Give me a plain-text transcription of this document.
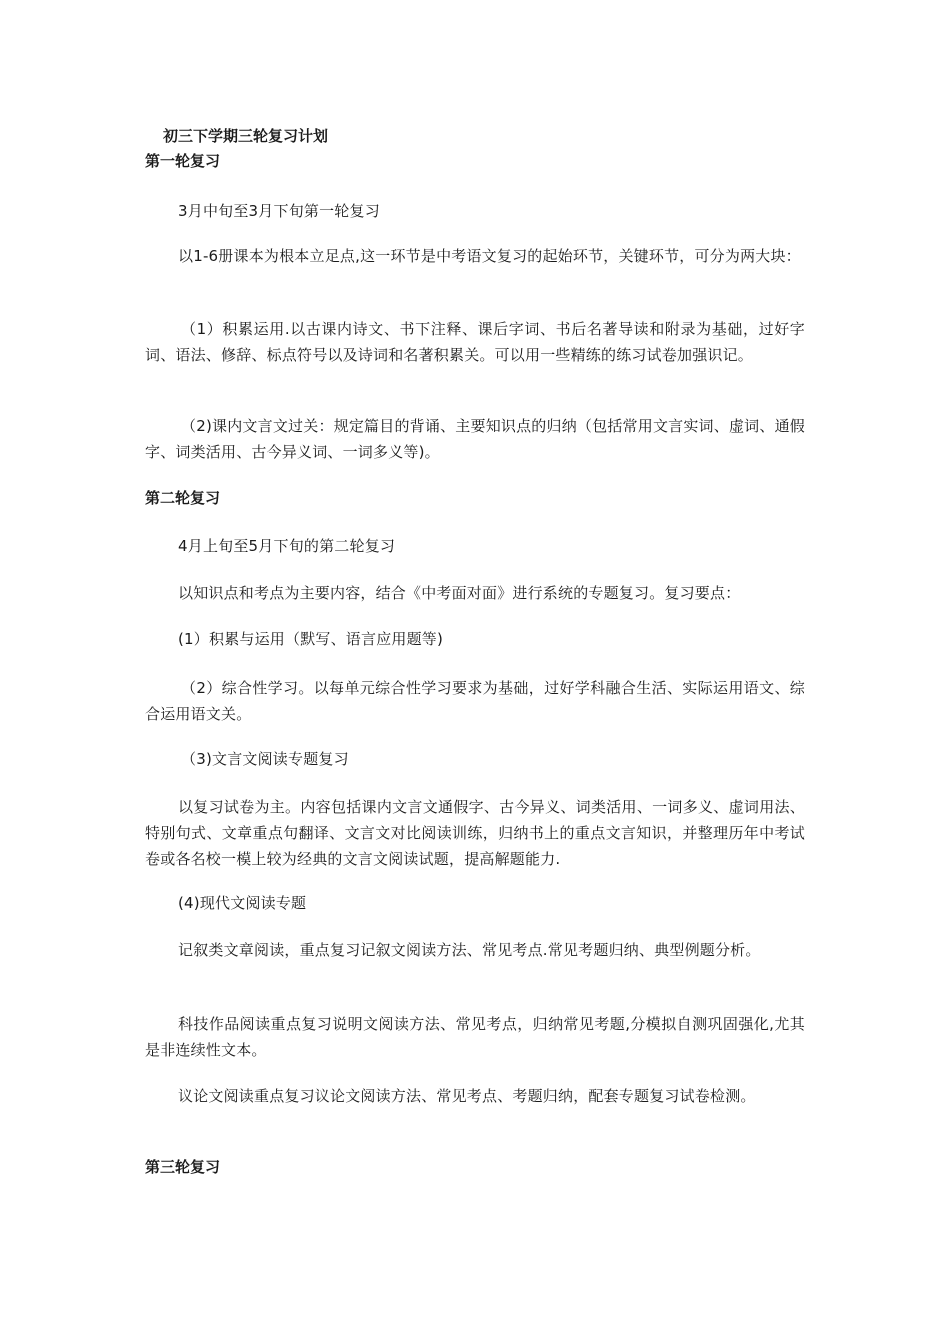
初三下学期三轮复习计划

第一轮复习

3月中旬至3月下旬第一轮复习

以1-6册课本为根本立足点,这一环节是中考语文复习的起始环节，关键环节，可分为两大块：

（1）积累运用.以古课内诗文、书下注释、课后字词、书后名著导读和附录为基础，过好字词、语法、修辞、标点符号以及诗词和名著积累关。可以用一些精练的练习试卷加强识记。

（2)课内文言文过关：规定篇目的背诵、主要知识点的归纳（包括常用文言实词、虚词、通假字、词类活用、古今异义词、一词多义等)。

第二轮复习

4月上旬至5月下旬的第二轮复习

以知识点和考点为主要内容，结合《中考面对面》进行系统的专题复习。复习要点：

(1）积累与运用（默写、语言应用题等)

（2）综合性学习。以每单元综合性学习要求为基础，过好学科融合生活、实际运用语文、综合运用语文关。

（3)文言文阅读专题复习

以复习试卷为主。内容包括课内文言文通假字、古今异义、词类活用、一词多义、虚词用法、特别句式、文章重点句翻译、文言文对比阅读训练，归纳书上的重点文言知识，并整理历年中考试卷或各名校一模上较为经典的文言文阅读试题，提高解题能力.

(4)现代文阅读专题

记叙类文章阅读，重点复习记叙文阅读方法、常见考点.常见考题归纳、典型例题分析。

科技作品阅读重点复习说明文阅读方法、常见考点，归纳常见考题,分模拟自测巩固强化,尤其是非连续性文本。

议论文阅读重点复习议论文阅读方法、常见考点、考题归纳，配套专题复习试卷检测。

第三轮复习
